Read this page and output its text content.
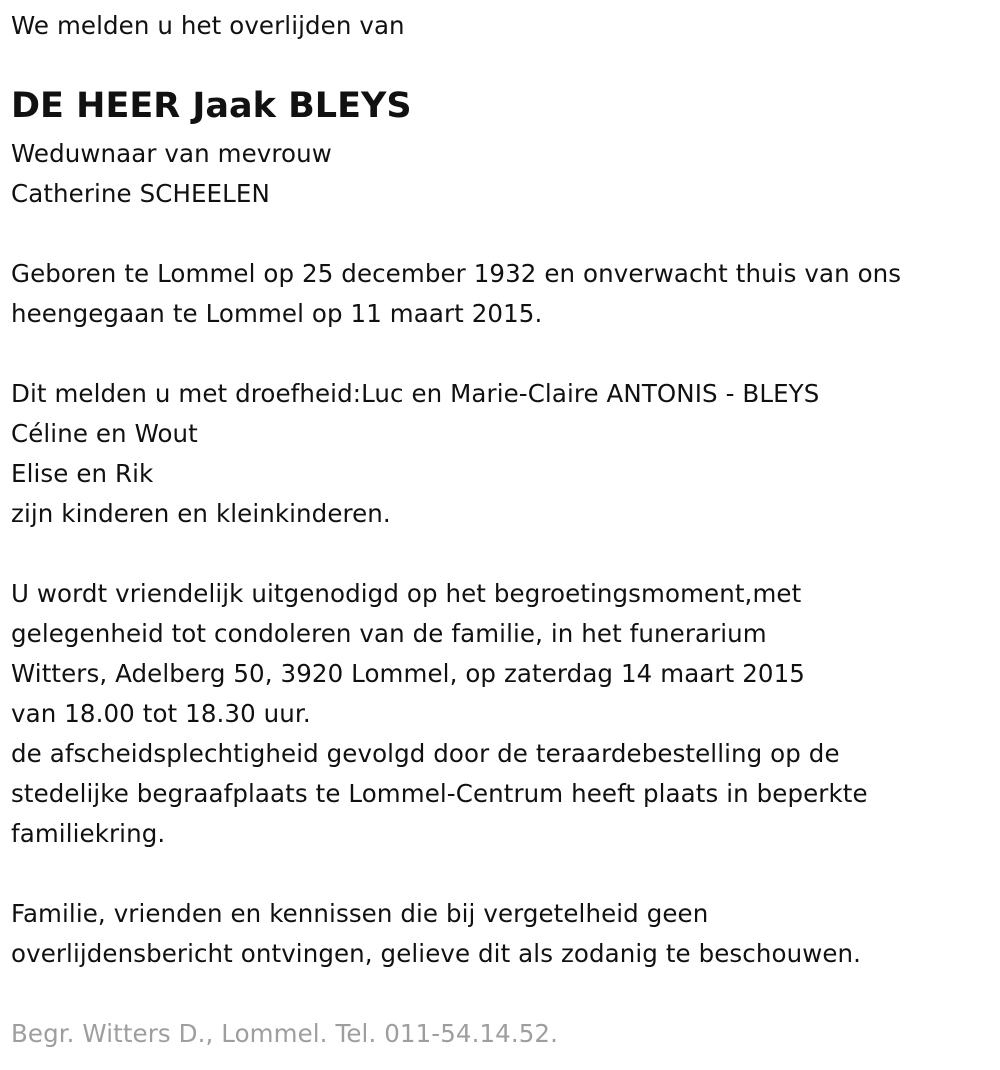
We melden u het overlijden van
DE HEER Jaak BLEYS
Weduwnaar van mevrouw
Catherine SCHEELEN
Geboren te Lommel op 25 december 1932 en onverwacht thuis van ons
heengegaan te Lommel op 11 maart 2015.
Dit melden u met droefheid:Luc en Marie-Claire ANTONIS - BLEYS
Céline en Wout
Elise en Rik
zijn kinderen en kleinkinderen.
U wordt vriendelijk uitgenodigd op het begroetingsmoment,met
gelegenheid tot condoleren van de familie, in het funerarium
Witters, Adelberg 50, 3920 Lommel, op zaterdag 14 maart 2015
van 18.00 tot 18.30 uur.
de afscheidsplechtigheid gevolgd door de teraardebestelling op de
stedelijke begraafplaats te Lommel-Centrum heeft plaats in beperkte
familiekring.
Familie, vrienden en kennissen die bij vergetelheid geen
overlijdensbericht ontvingen, gelieve dit als zodanig te beschouwen.
Begr. Witters D., Lommel. Tel. 011-54.14.52.
